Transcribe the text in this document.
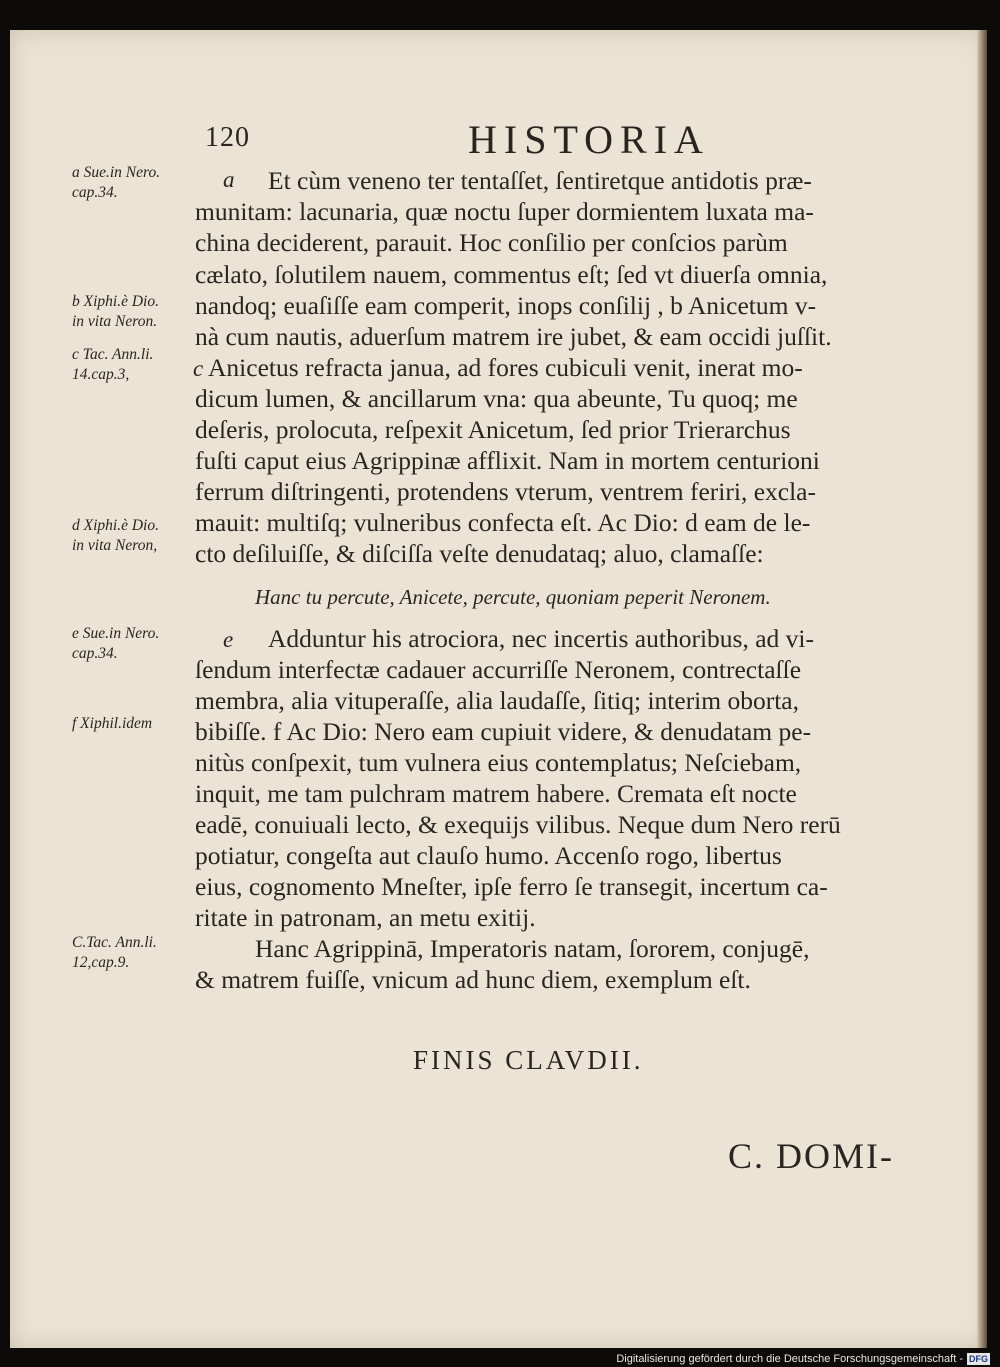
120	HISTORIA
a Sue.in Nero.
cap.34.
b Xiphi.è Dio.
in vita Neron.
c Tac. Ann.li.
14.cap.3,
d Xiphi.è Dio.
in vita Neron,
e Sue.in Nero.
cap.34.
f Xiphil.idem
C.Tac. Ann.li.
12,cap.9.
a
c
e
Et cùm veneno ter tentaſſet, ſentiretque antidotis præ-
munitam: lacunaria, quæ noctu ſuper dormientem luxata ma-
china deciderent, parauit. Hoc conſilio per conſcios parùm
cælato, ſolutilem nauem, commentus eſt; ſed vt diuerſa omnia,
nandoq; euaſiſſe eam comperit, inops conſilij , b Anicetum v-
nà cum nautis, aduerſum matrem ire jubet, & eam occidi juſſit.
Anicetus refracta janua, ad fores cubiculi venit, inerat mo-
dicum lumen, & ancillarum vna: qua abeunte, Tu quoq; me
deſeris, prolocuta, reſpexit Anicetum, ſed prior Trierarchus
fuſti caput eius Agrippinæ afflixit. Nam in mortem centurioni
ferrum diſtringenti, protendens vterum, ventrem feriri, excla-
mauit: multiſq; vulneribus confecta eſt. Ac Dio: d eam de le-
cto deſiluiſſe, & diſciſſa veſte denudataq; aluo, clamaſſe:
Hanc tu percute, Anicete, percute, quoniam peperit Neronem.
Adduntur his atrociora, nec incertis authoribus, ad vi-
ſendum interfectæ cadauer accurriſſe Neronem, contrectaſſe
membra, alia vituperaſſe, alia laudaſſe, ſitiq; interim oborta,
bibiſſe. f Ac Dio: Nero eam cupiuit videre, & denudatam pe-
nitùs conſpexit, tum vulnera eius contemplatus; Neſciebam,
inquit, me tam pulchram matrem habere. Cremata eſt nocte
eadē, conuiuali lecto, & exequijs vilibus. Neque dum Nero rerū
potiatur, congeſta aut clauſo humo. Accenſo rogo, libertus
eius, cognomento Mneſter, ipſe ferro ſe transegit, incertum ca-
ritate in patronam, an metu exitij.
Hanc Agrippinā, Imperatoris natam, ſororem, conjugē,
& matrem fuiſſe, vnicum ad hunc diem, exemplum eſt.
FINIS CLAVDII.
C. DOMI-
Digitalisierung gefördert durch die Deutsche Forschungsgemeinschaft - DFG
